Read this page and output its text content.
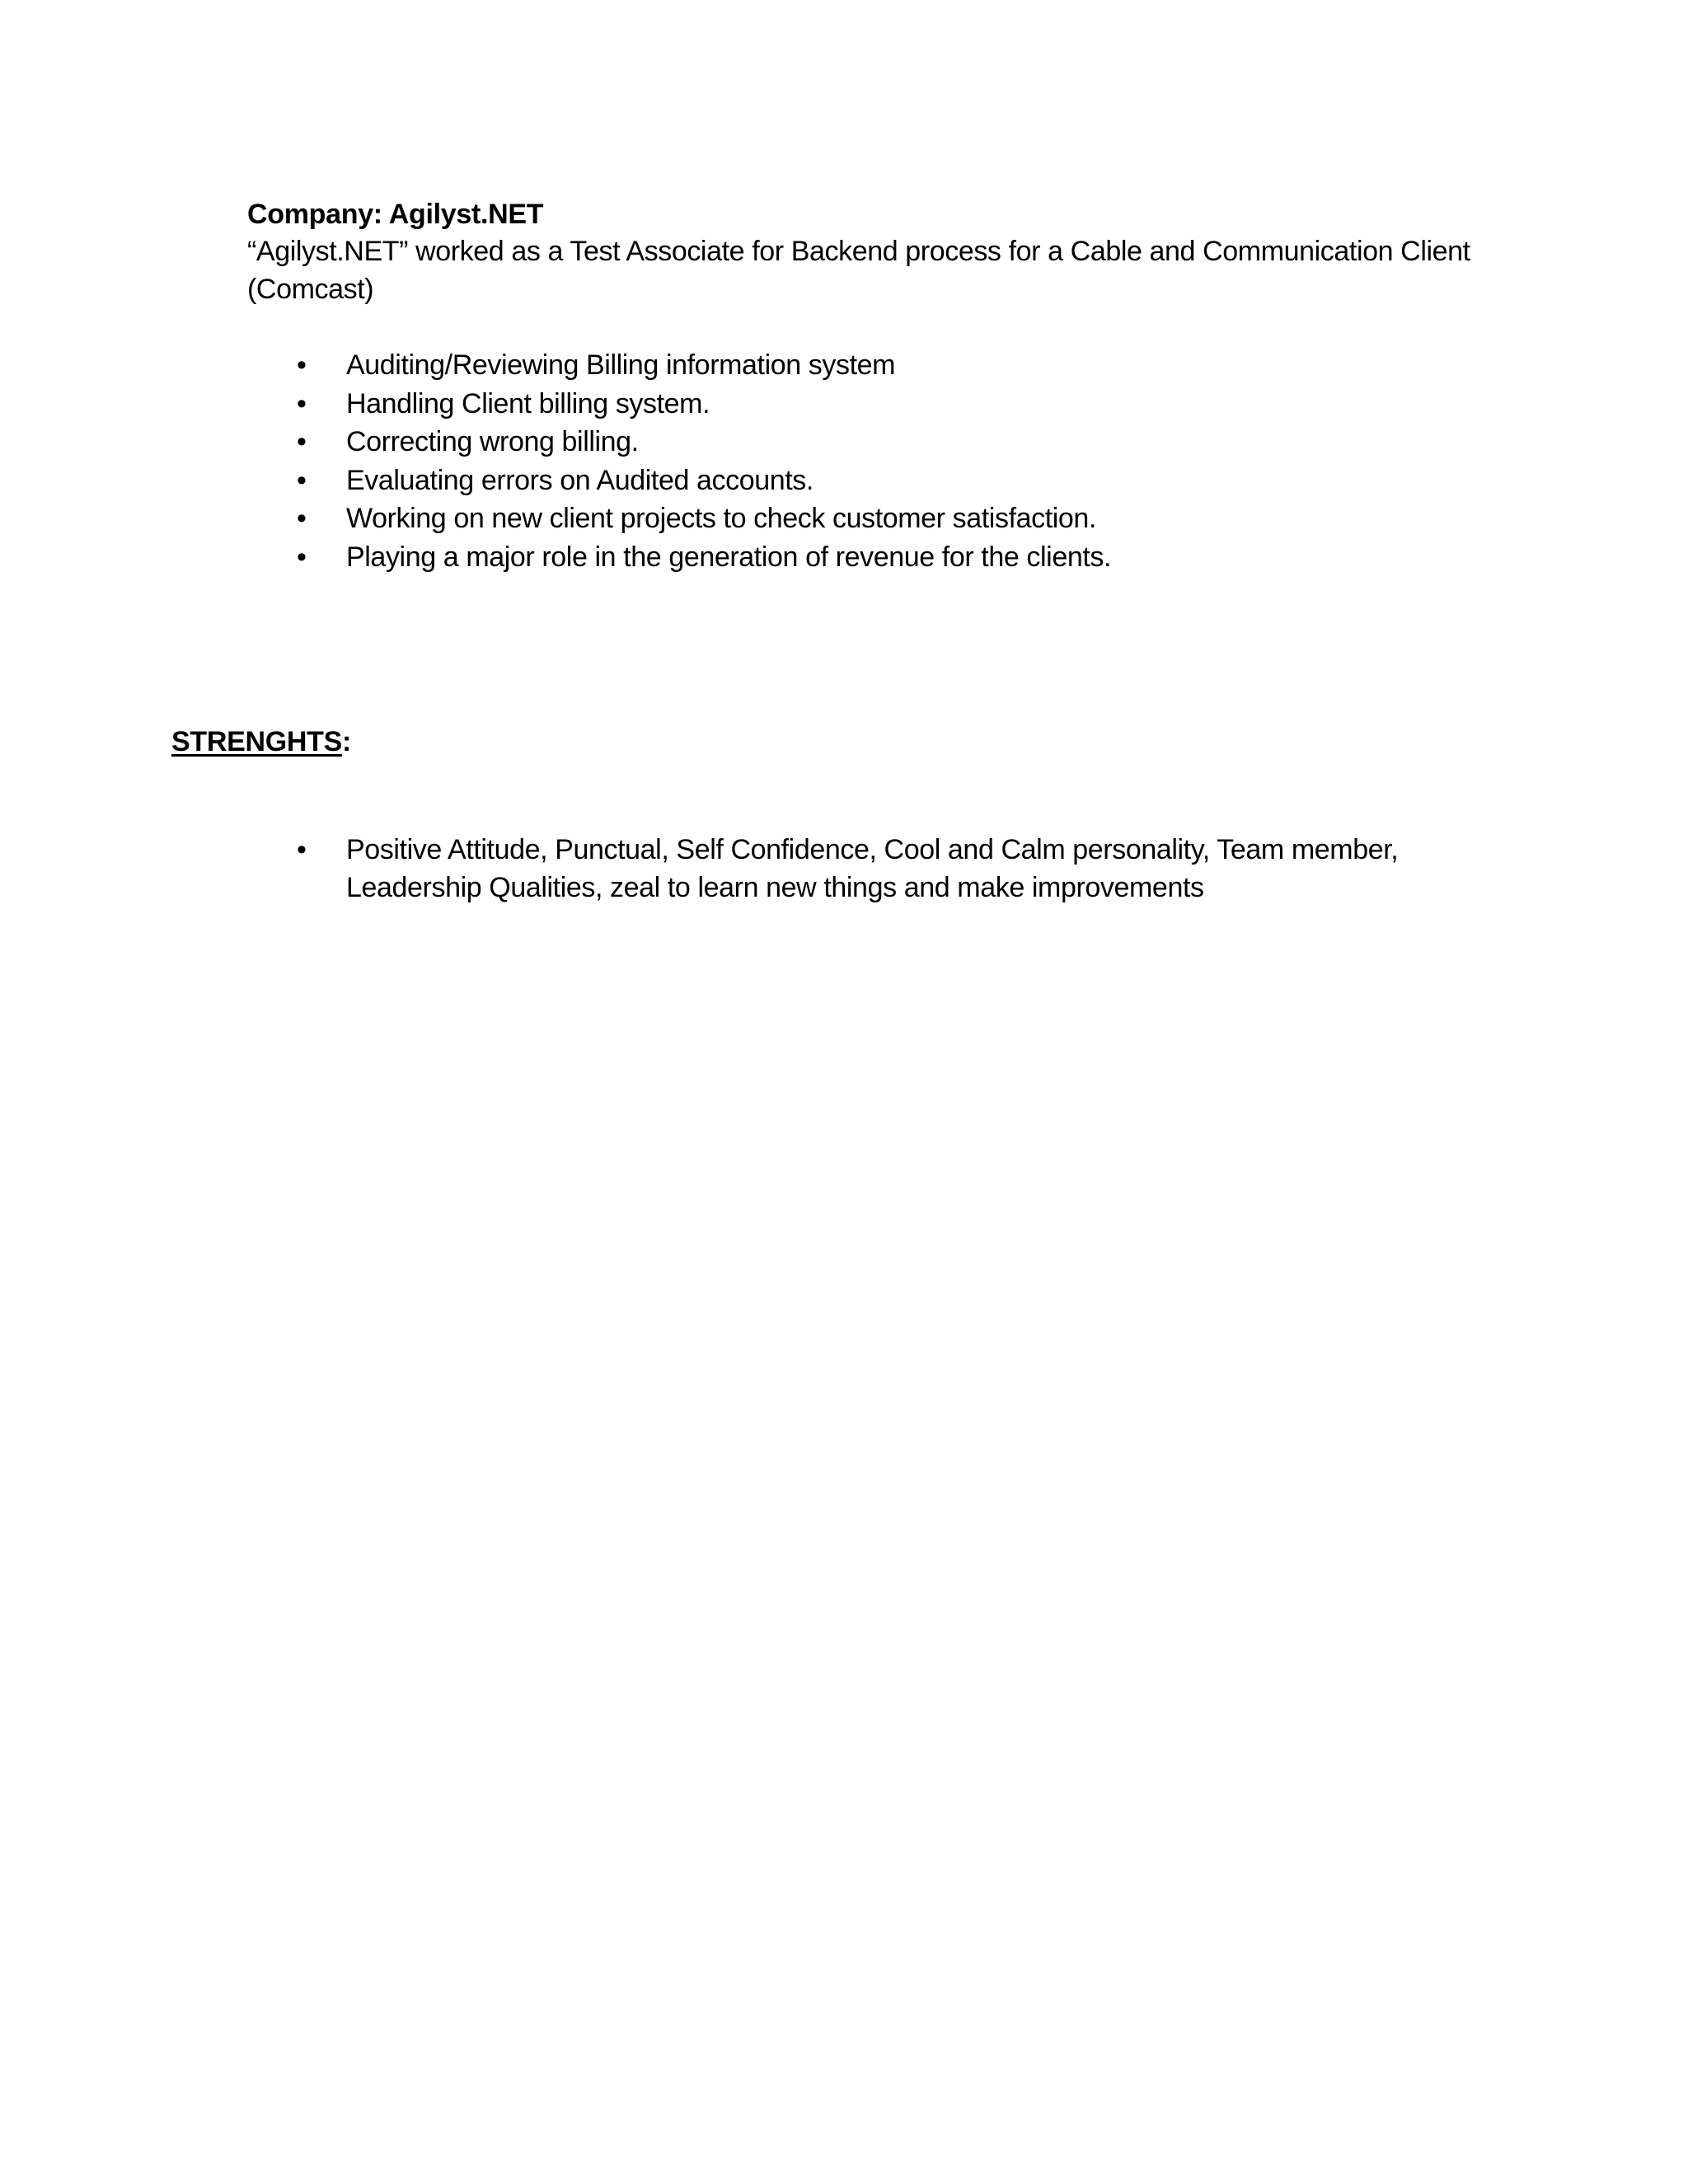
Company: Agilyst.NET

“Agilyst.NET” worked as a Test Associate for Backend process for a Cable and Communication Client (Comcast)

•	Auditing/Reviewing Billing information system
•	Handling Client billing system.
•	Correcting wrong billing.
•	Evaluating errors on Audited accounts.
•	Working on new client projects to check customer satisfaction.
•	Playing a major role in the generation of revenue for the clients.

STRENGHTS:

•	Positive Attitude, Punctual, Self Confidence, Cool and Calm personality, Team member, Leadership Qualities, zeal to learn new things and make improvements
